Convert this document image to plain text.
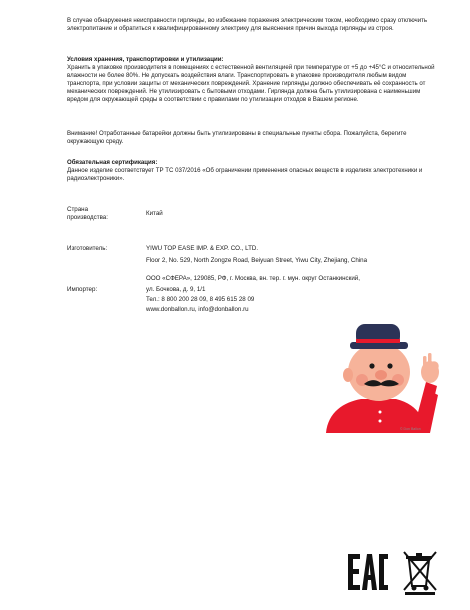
В случае обнаружения неисправности гирлянды, во избежание поражения электрическим током, необходимо сразу отключить электропитание и обратиться к квалифицированному электрику для выяснения причин выхода гирлянды из строя.

Условия хранения, транспортировки и утилизации:

Хранить в упаковке производителя в помещениях с естественной вентиляцией при температуре от +5 до +45°С и относительной влажности не более 80%. Не допускать воздействия влаги. Транспортировать в упаковке производителя любым видом транспорта, при условии защиты от механических повреждений. Хранение гирлянды должно обеспечивать её сохранность от механических повреждений. Не утилизировать с бытовыми отходами. Гирлянда должна быть утилизирована с наименьшим вредом для окружающей среды в соответствии с правилами по утилизации отходов в Вашем регионе.

Внимание! Отработанные батарейки должны быть утилизированы в специальные пункты сбора. Пожалуйста, берегите окружающую среду.

Обязательная сертификация:

Данное изделие соответствует ТР ТС 037/2016 «Об ограничении применения опасных веществ в изделиях электротехники и радиоэлектроники».

Страна
производства:
Китай
Изготовитель:	YIWU TOP EASE IMP. & EXP. CO., LTD.
Floor 2, No. 529, North Zongze Road, Beiyuan Street, Yiwu City, Zhejiang, China
ООО «СФЕРА», 129085, РФ, г. Москва, вн. тер. г. мун. округ Останкинский,
Импортер:	ул. Бочкова, д. 9, 1/1
Тел.: 8 800 200 28 09, 8 495 615 28 09
www.donballon.ru, info@donballon.ru
© Don Ballon
